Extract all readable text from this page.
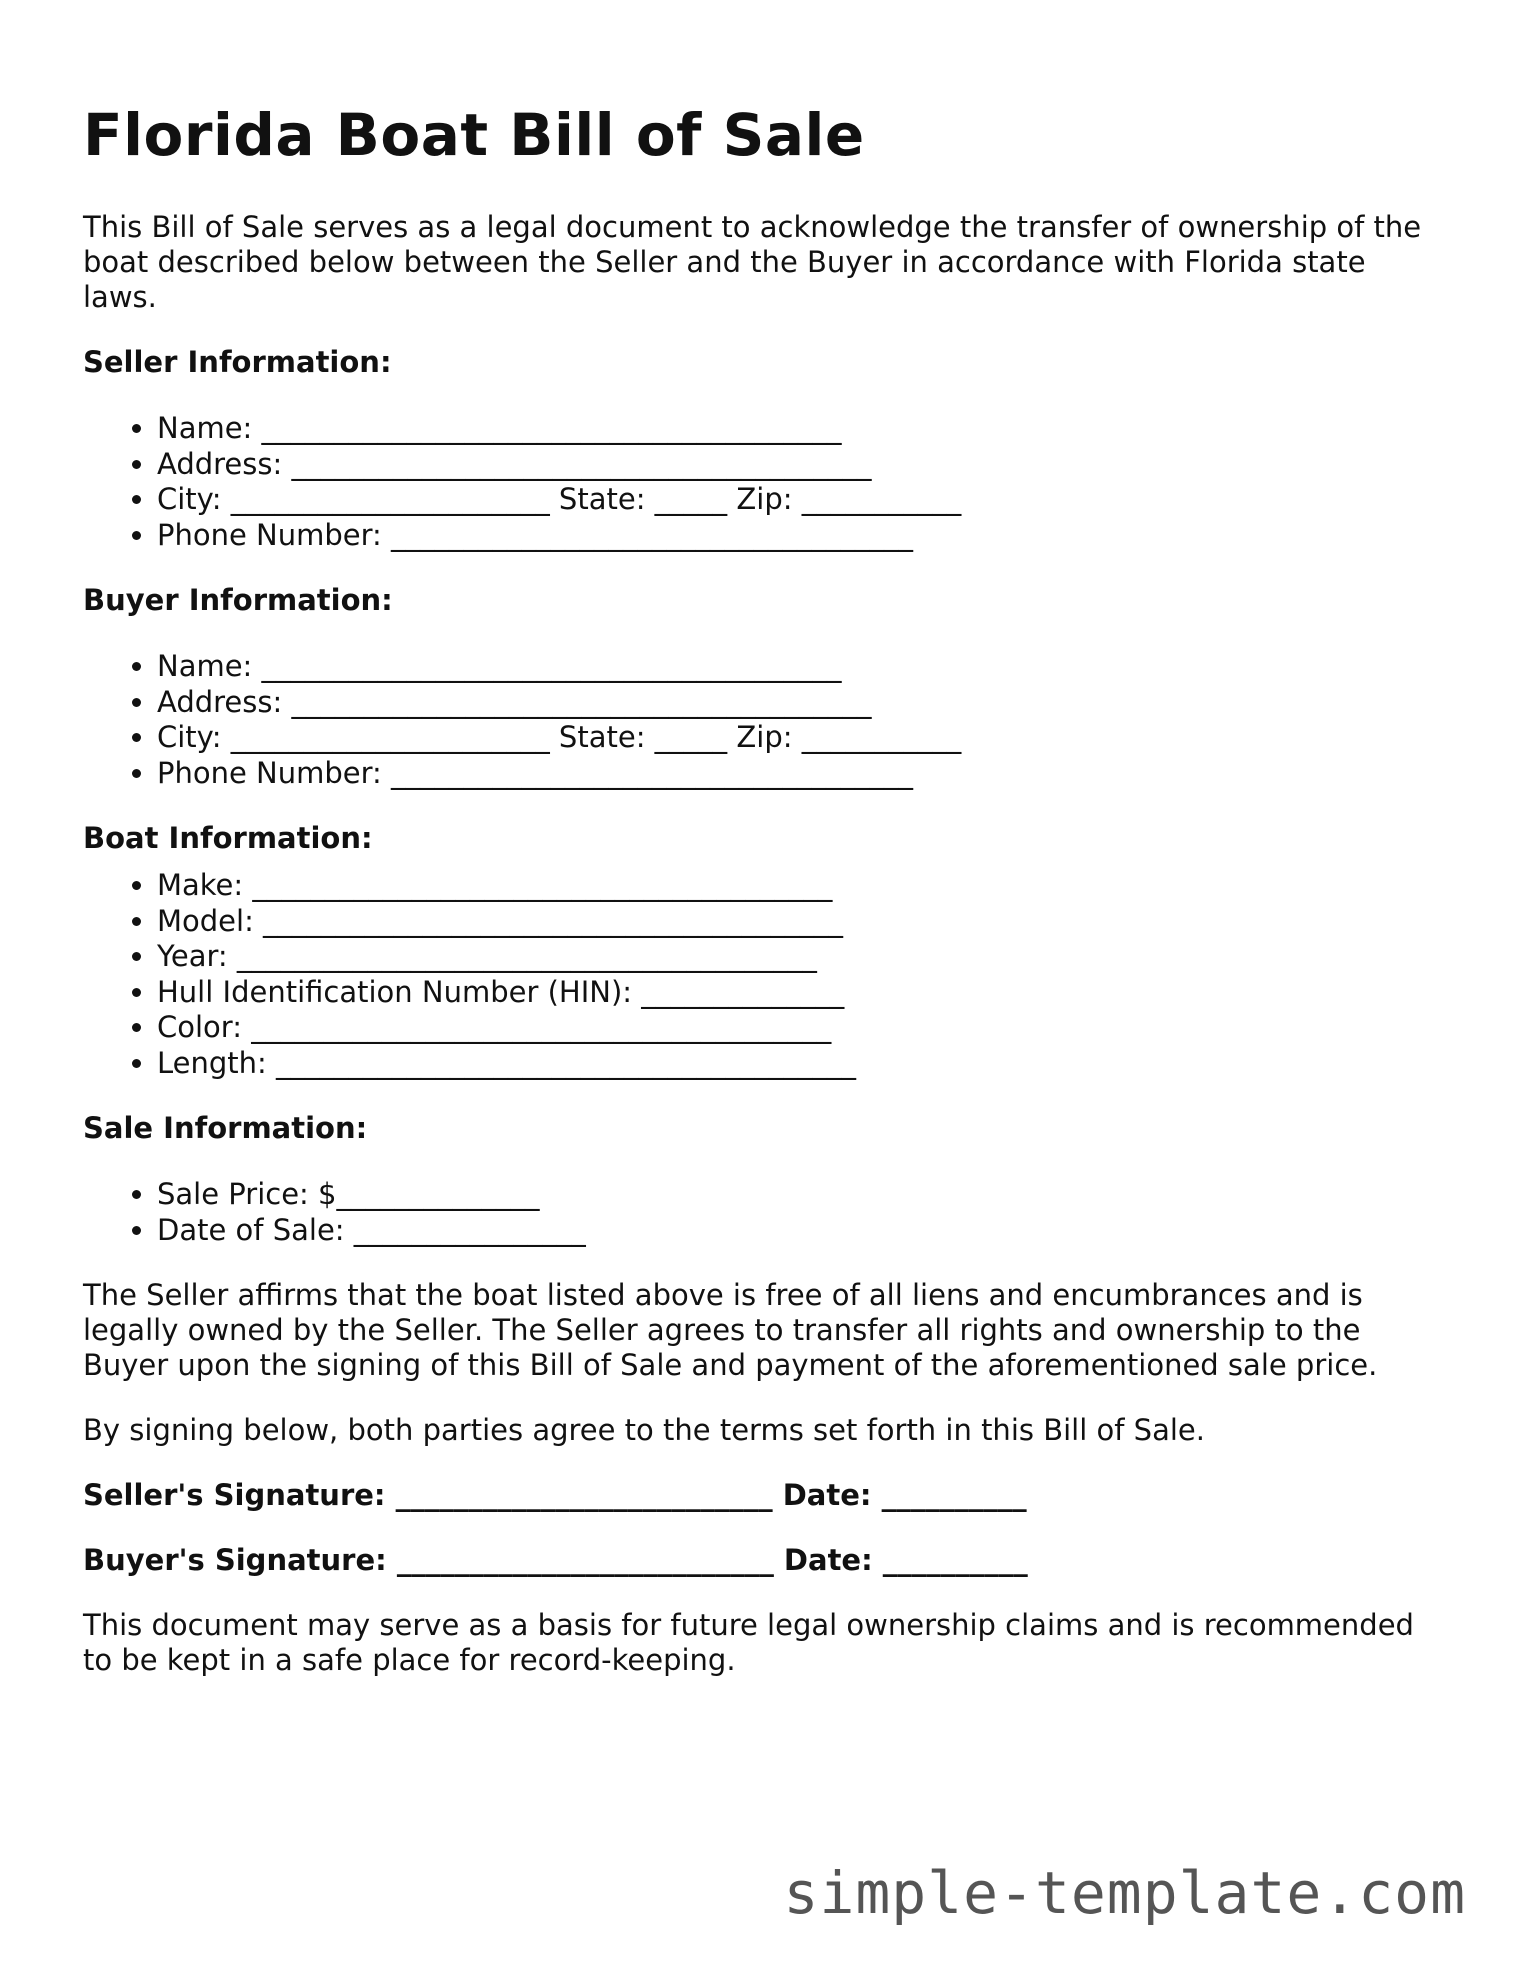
Florida Boat Bill of Sale

This Bill of Sale serves as a legal document to acknowledge the transfer of ownership of the boat described below between the Seller and the Buyer in accordance with Florida state laws.

Seller Information:
• Name: ________________________________________
• Address: ________________________________________
• City: ______________________ State: _____ Zip: ___________
• Phone Number: ____________________________________
Buyer Information:
• Name: ________________________________________
• Address: ________________________________________
• City: ______________________ State: _____ Zip: ___________
• Phone Number: ____________________________________
Boat Information:
• Make: ________________________________________
• Model: ________________________________________
• Year: ________________________________________
• Hull Identification Number (HIN): ______________
• Color: ________________________________________
• Length: ________________________________________
Sale Information:
• Sale Price: $______________
• Date of Sale: ________________

The Seller affirms that the boat listed above is free of all liens and encumbrances and is legally owned by the Seller. The Seller agrees to transfer all rights and ownership to the Buyer upon the signing of this Bill of Sale and payment of the aforementioned sale price.

By signing below, both parties agree to the terms set forth in this Bill of Sale.

Seller's Signature: __________________________ Date: __________
Buyer's Signature: __________________________ Date: __________

This document may serve as a basis for future legal ownership claims and is recommended to be kept in a safe place for record-keeping.

simple-template.com
